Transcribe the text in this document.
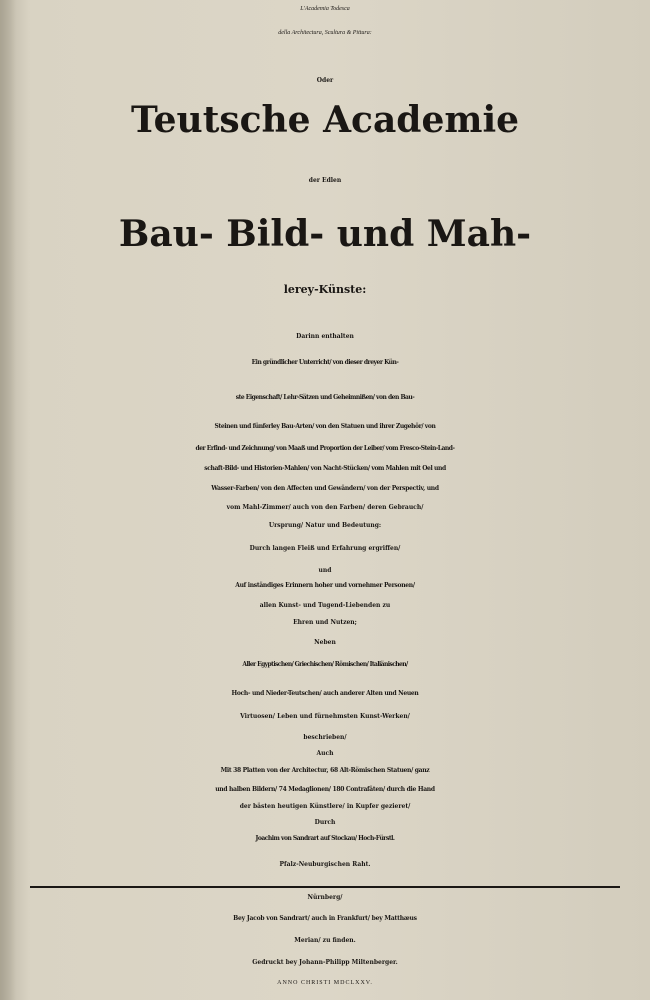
L'Academia Todesca
della Architectura, Scultura & Pittura:
Oder
Teutsche Academie
der Edlen
Bau- Bild- und Mah-
lerey-Künste:
Darinn enthalten
Ein gründlicher Unterricht/ von dieser dreyer Kün-
ste Eigenschaft/ Lehr-Sätzen und Geheimnißen/ von den Bau-
Steinen und fünferley Bau-Arten/ von den Statuen und ihrer Zugehör/ von
der Erfind- und Zeichnung/ von Maaß und Proportion der Leiber/ vom Fresco-Stein-Land-
schaft-Bild- und Historien-Mahlen/ von Nacht-Stücken/ vom Mahlen mit Oel und
Wasser-Farben/ von den Affecten und Gewändern/ von der Perspectiv, und
vom Mahl-Zimmer/ auch von den Farben/ deren Gebrauch/
Ursprung/ Natur und Bedeutung:
Durch langen Fleiß und Erfahrung ergriffen/
und
Auf inständiges Erinnern hoher und vornehmer Personen/
allen Kunst- und Tugend-Liebenden zu
Ehren und Nutzen;
Neben
Aller Egyptischen/ Griechischen/ Römischen/ Italiänischen/
Hoch- und Nieder-Teutschen/ auch anderer Alten und Neuen
Virtuosen/ Leben und fürnehmsten Kunst-Werken/
beschrieben/
Auch
Mit 38 Platten von der Architectur, 68 Alt-Römischen Statuen/ ganz
und halben Bildern/ 74 Medaglionen/ 180 Contrafäten/ durch die Hand
der bästen heutigen Künstlere/ in Kupfer gezieret/
Durch
Joachim von Sandrart auf Stockau/ Hoch-Fürstl.
Pfalz-Neuburgischen Raht.
Nürnberg/
Bey Jacob von Sandrart/ auch in Frankfurt/ bey Matthæus
Merian/ zu finden.
Gedruckt bey Johann-Philipp Miltenberger.
ANNO CHRISTI MDCLXXV.
